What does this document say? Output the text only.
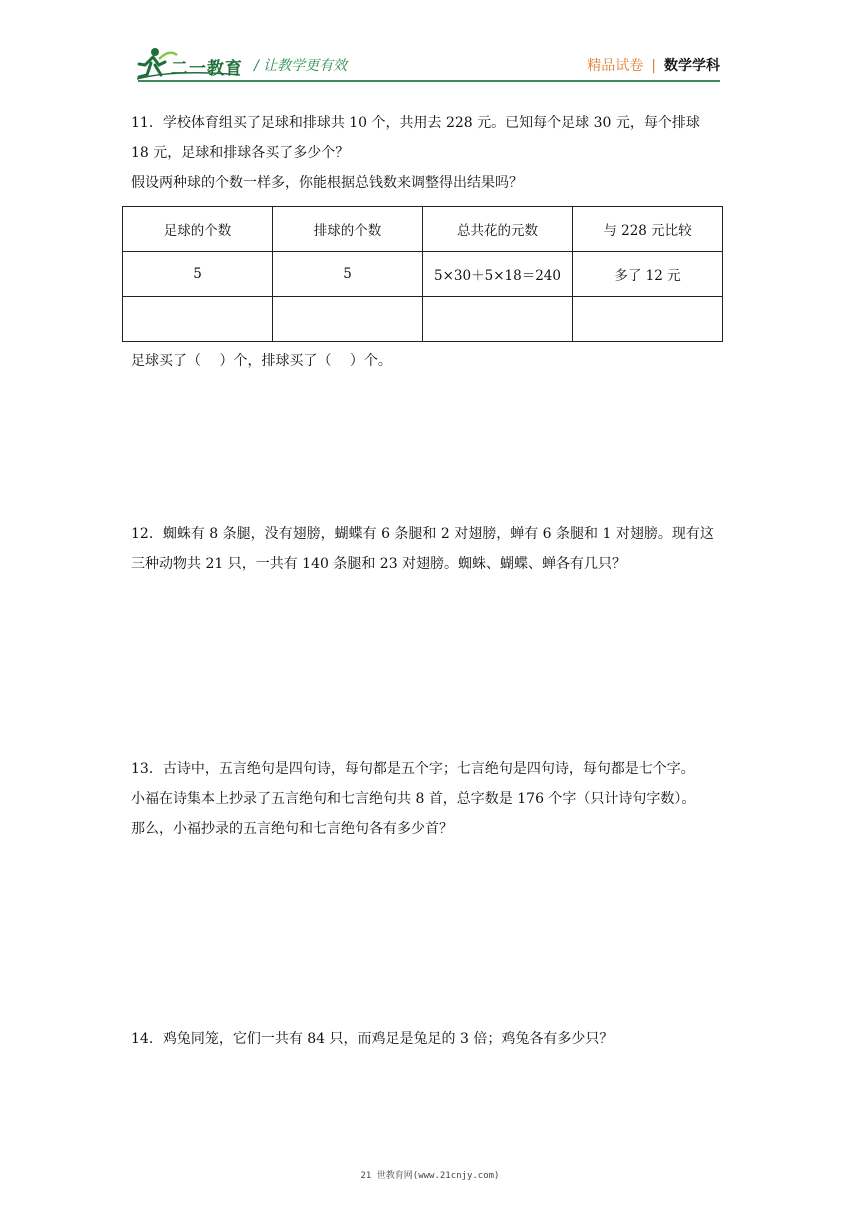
二一教育 / 让教学更有效	精品试卷 | 数学学科

11．学校体育组买了足球和排球共 10 个，共用去 228 元。已知每个足球 30 元，每个排球

18 元，足球和排球各买了多少个？

假设两种球的个数一样多，你能根据总钱数来调整得出结果吗？

足球的个数	排球的个数	总共花的元数	与 228 元比较
5	5	5×30＋5×18＝240	多了 12 元

足球买了（　 ）个，排球买了（　 ）个。

12．蜘蛛有 8 条腿，没有翅膀，蝴蝶有 6 条腿和 2 对翅膀，蝉有 6 条腿和 1 对翅膀。现有这

三种动物共 21 只，一共有 140 条腿和 23 对翅膀。蜘蛛、蝴蝶、蝉各有几只？

13．古诗中，五言绝句是四句诗，每句都是五个字；七言绝句是四句诗，每句都是七个字。

小福在诗集本上抄录了五言绝句和七言绝句共 8 首，总字数是 176 个字（只计诗句字数）。

那么，小福抄录的五言绝句和七言绝句各有多少首？

14．鸡兔同笼，它们一共有 84 只，而鸡足是兔足的 3 倍；鸡兔各有多少只？

21 世教育网(www.21cnjy.com)
